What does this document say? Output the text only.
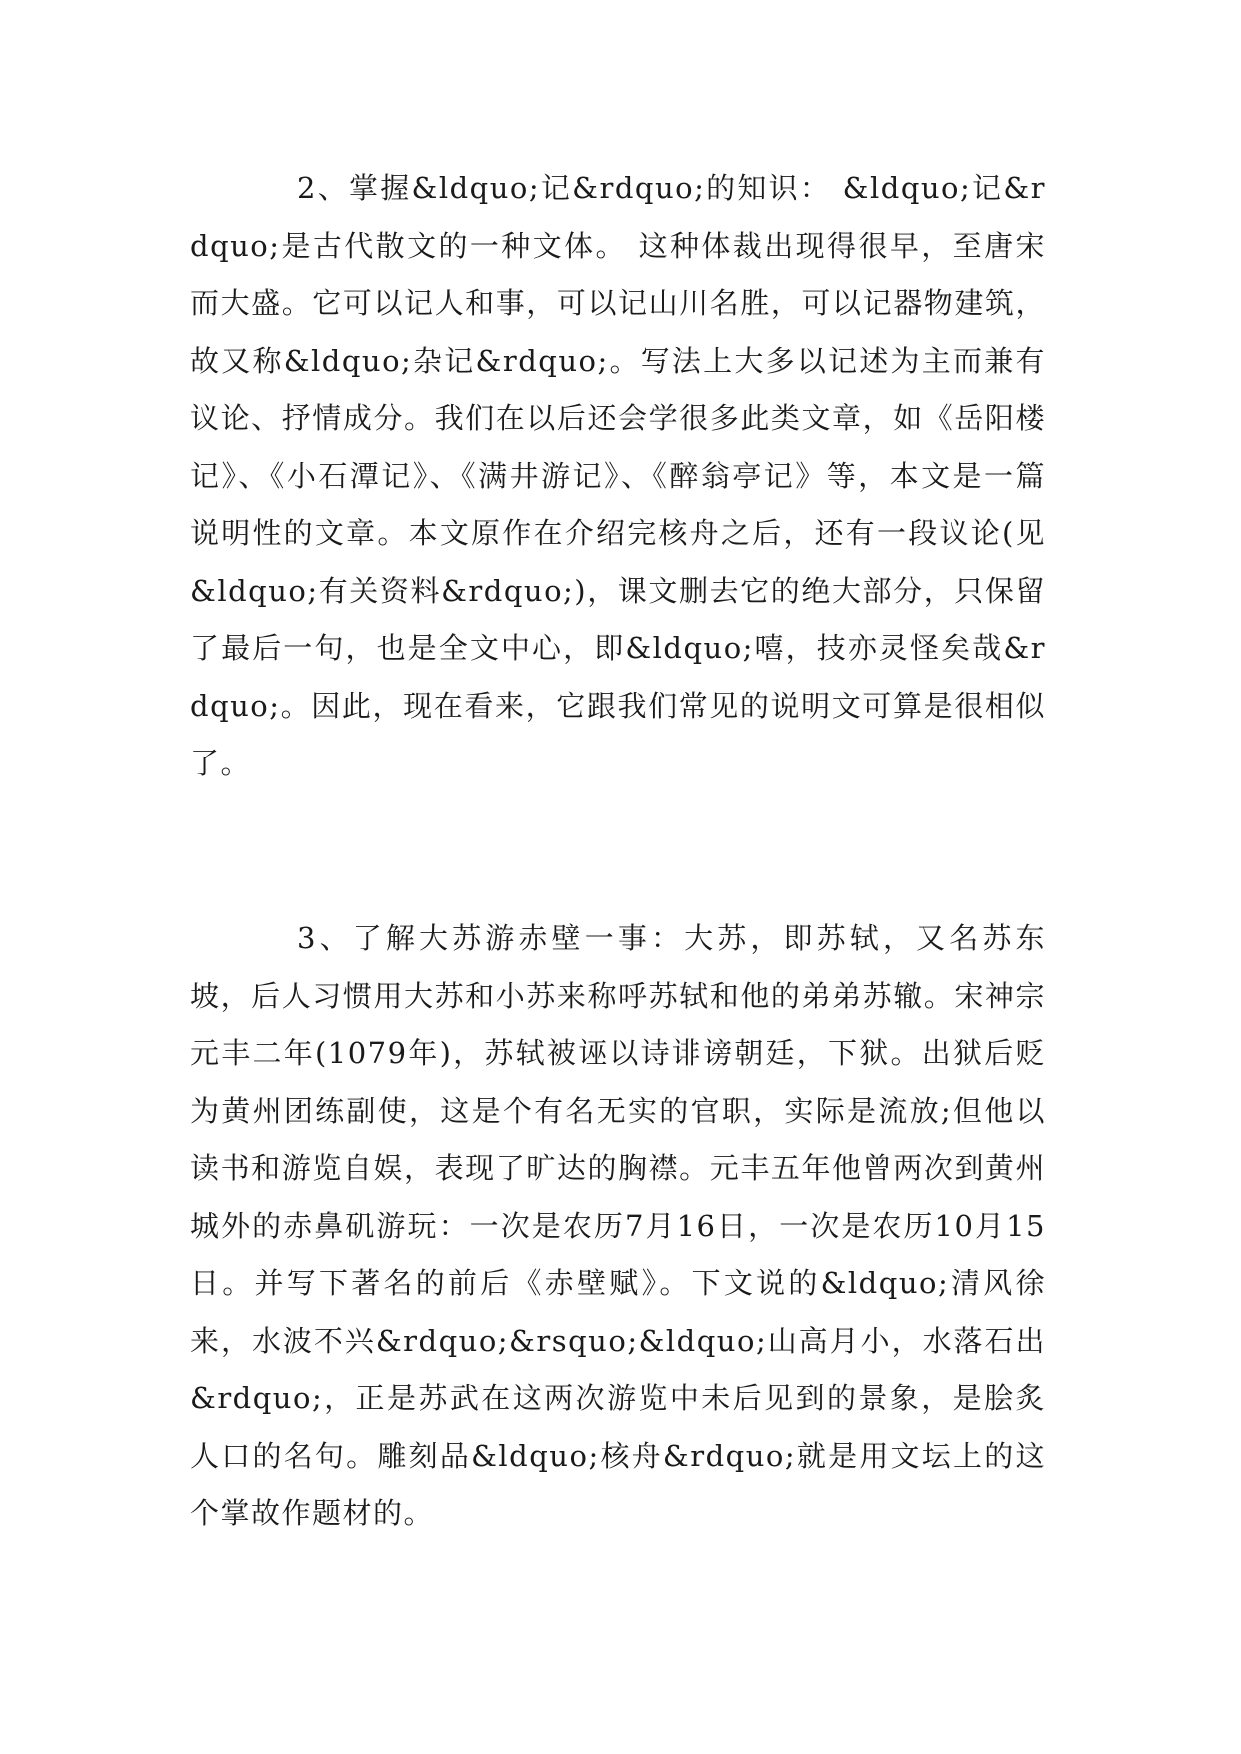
2、掌握&ldquo;记&rdquo;的知识： &ldquo;记&rdquo;是古代散文的一种文体。 这种体裁出现得很早，至唐宋而大盛。它可以记人和事，可以记山川名胜，可以记器物建筑，故又称&ldquo;杂记&rdquo;。写法上大多以记述为主而兼有议论、抒情成分。我们在以后还会学很多此类文章，如《岳阳楼记》、《小石潭记》、《满井游记》、《醉翁亭记》等，本文是一篇说明性的文章。本文原作在介绍完核舟之后，还有一段议论(见&ldquo;有关资料&rdquo;)，课文删去它的绝大部分，只保留了最后一句，也是全文中心，即&ldquo;嘻，技亦灵怪矣哉&rdquo;。因此，现在看来，它跟我们常见的说明文可算是很相似了。

3、了解大苏游赤壁一事：大苏，即苏轼，又名苏东坡，后人习惯用大苏和小苏来称呼苏轼和他的弟弟苏辙。宋神宗元丰二年(1079年)，苏轼被诬以诗诽谤朝廷，下狱。出狱后贬为黄州团练副使，这是个有名无实的官职，实际是流放;但他以读书和游览自娱，表现了旷达的胸襟。元丰五年他曾两次到黄州城外的赤鼻矶游玩：一次是农历7月16日，一次是农历10月15日。并写下著名的前后《赤壁赋》。下文说的&ldquo;清风徐来，水波不兴&rdquo;&rsquo;&ldquo;山高月小，水落石出&rdquo;，正是苏武在这两次游览中未后见到的景象，是脍炙人口的名句。雕刻品&ldquo;核舟&rdquo;就是用文坛上的这个掌故作题材的。
